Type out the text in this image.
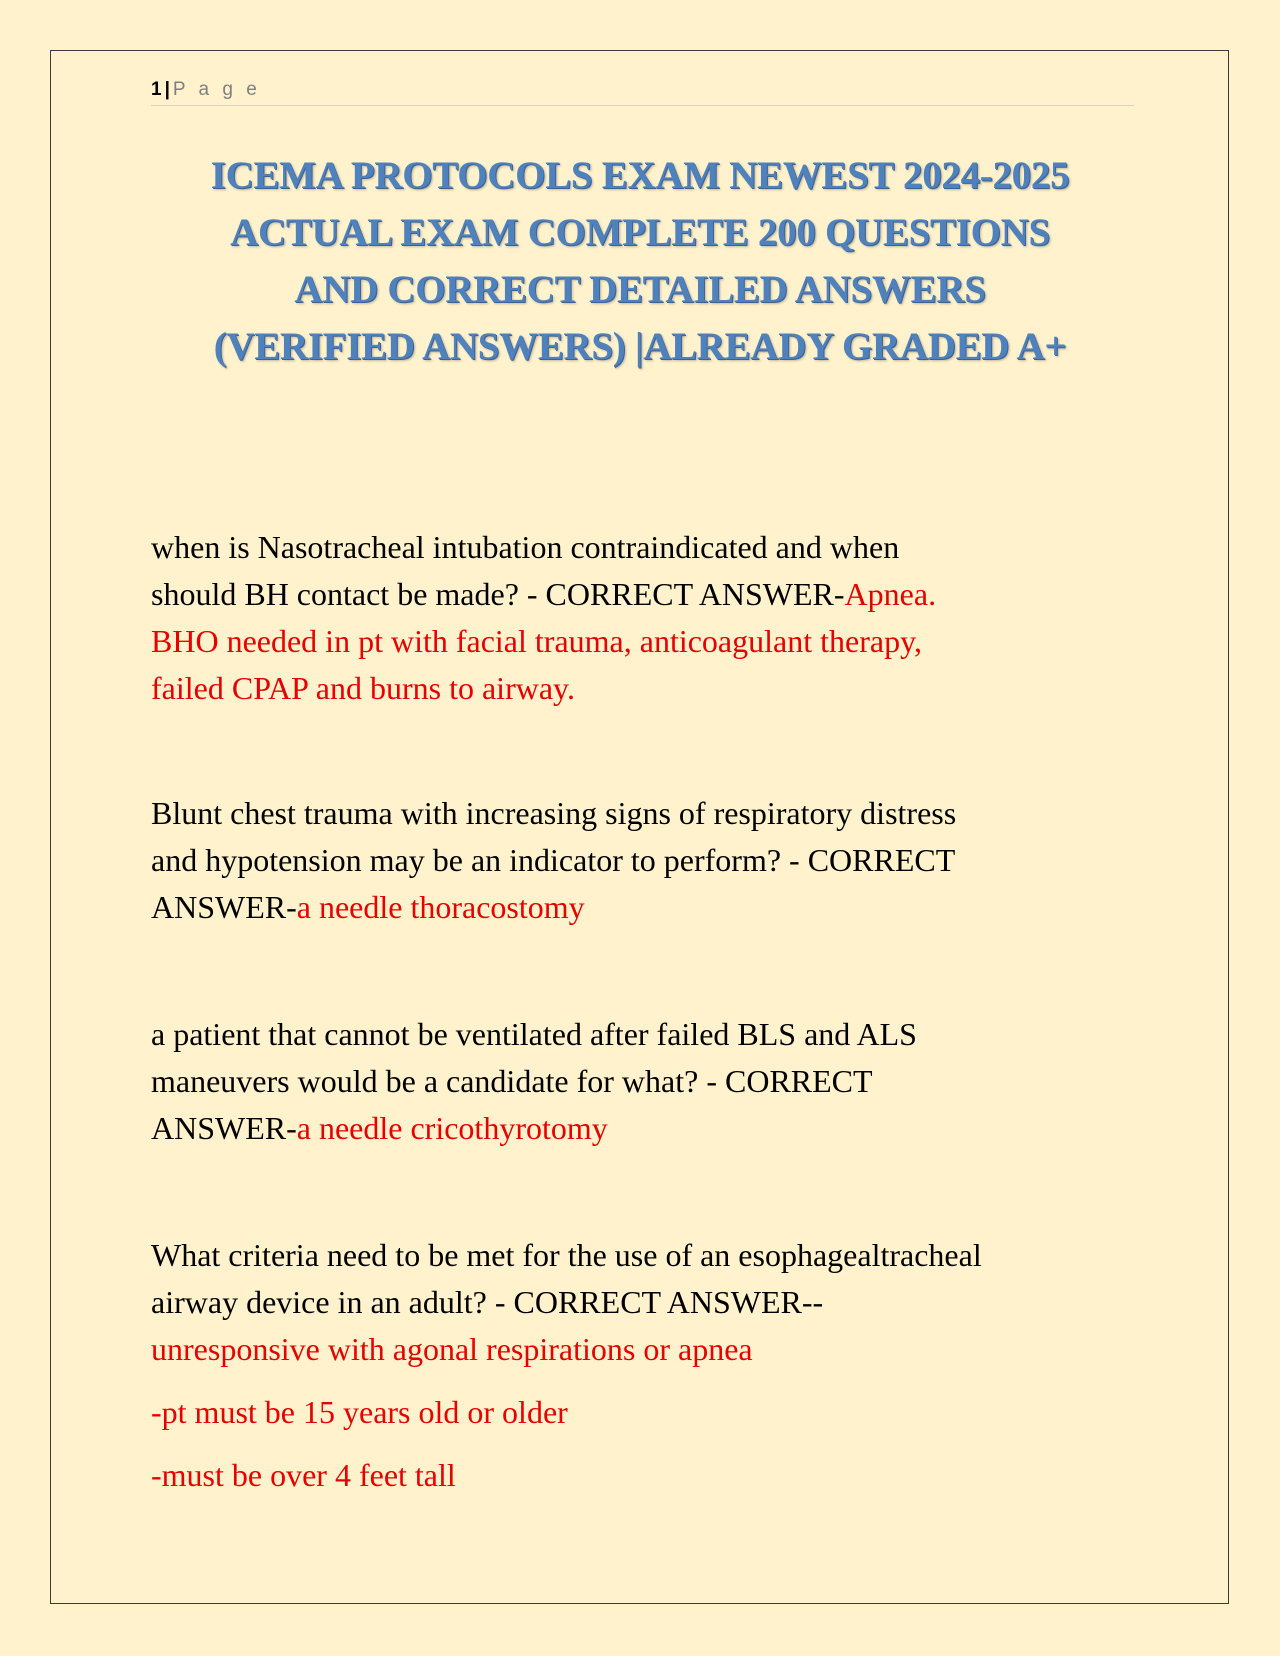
1 | P a g e
ICEMA PROTOCOLS EXAM NEWEST 2024-2025
ACTUAL EXAM COMPLETE 200 QUESTIONS
AND CORRECT DETAILED ANSWERS
(VERIFIED ANSWERS) |ALREADY GRADED A+

when is Nasotracheal intubation contraindicated and when
should BH contact be made? - CORRECT ANSWER-Apnea.
BHO needed in pt with facial trauma, anticoagulant therapy,
failed CPAP and burns to airway.

Blunt chest trauma with increasing signs of respiratory distress
and hypotension may be an indicator to perform? - CORRECT
ANSWER-a needle thoracostomy

a patient that cannot be ventilated after failed BLS and ALS
maneuvers would be a candidate for what? - CORRECT
ANSWER-a needle cricothyrotomy

What criteria need to be met for the use of an esophagealtracheal
airway device in an adult? - CORRECT ANSWER--
unresponsive with agonal respirations or apnea

-pt must be 15 years old or older

-must be over 4 feet tall
